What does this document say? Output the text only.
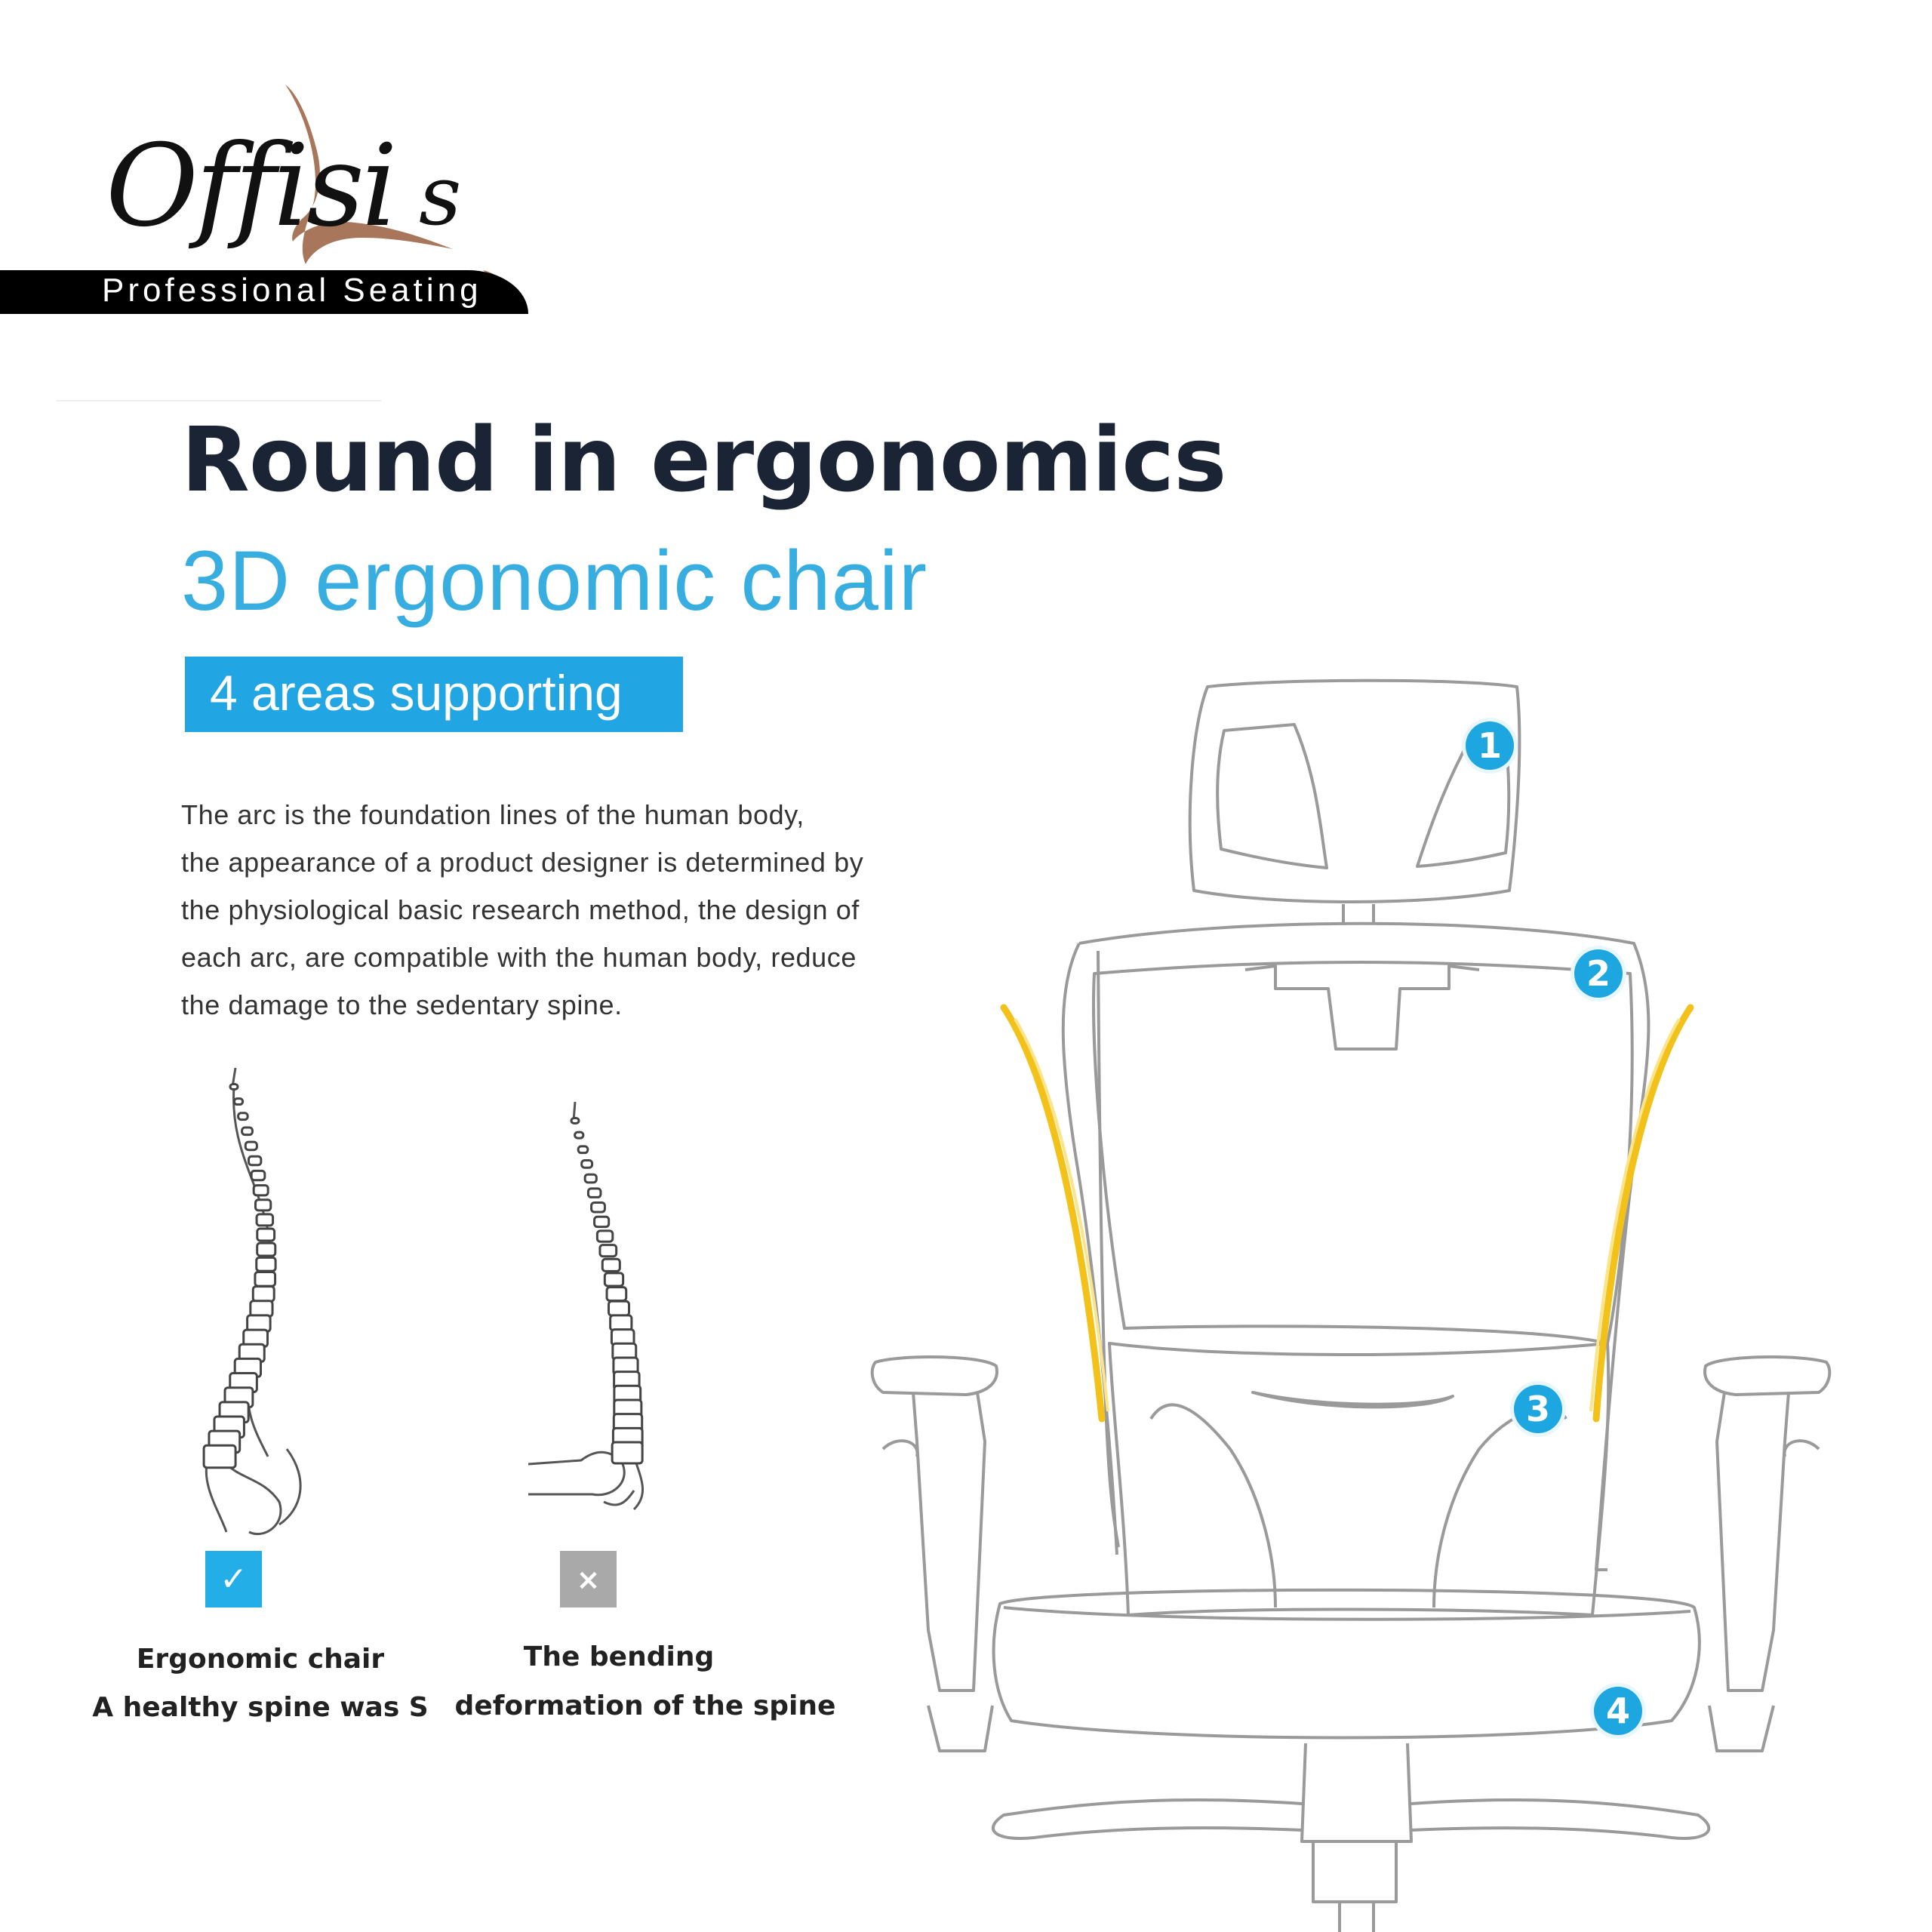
Offisi s
Professional Seating
Round in ergonomics
3D ergonomic chair
4 areas supporting
The arc is the foundation lines of the human body,
the appearance of a product designer is determined by
the physiological basic research method, the design of
each arc, are compatible with the human body, reduce
the damage to the sedentary spine.
✓	×
Ergonomic chair
A healthy spine was S
The bending
deformation of the spine
1
2
3
4
